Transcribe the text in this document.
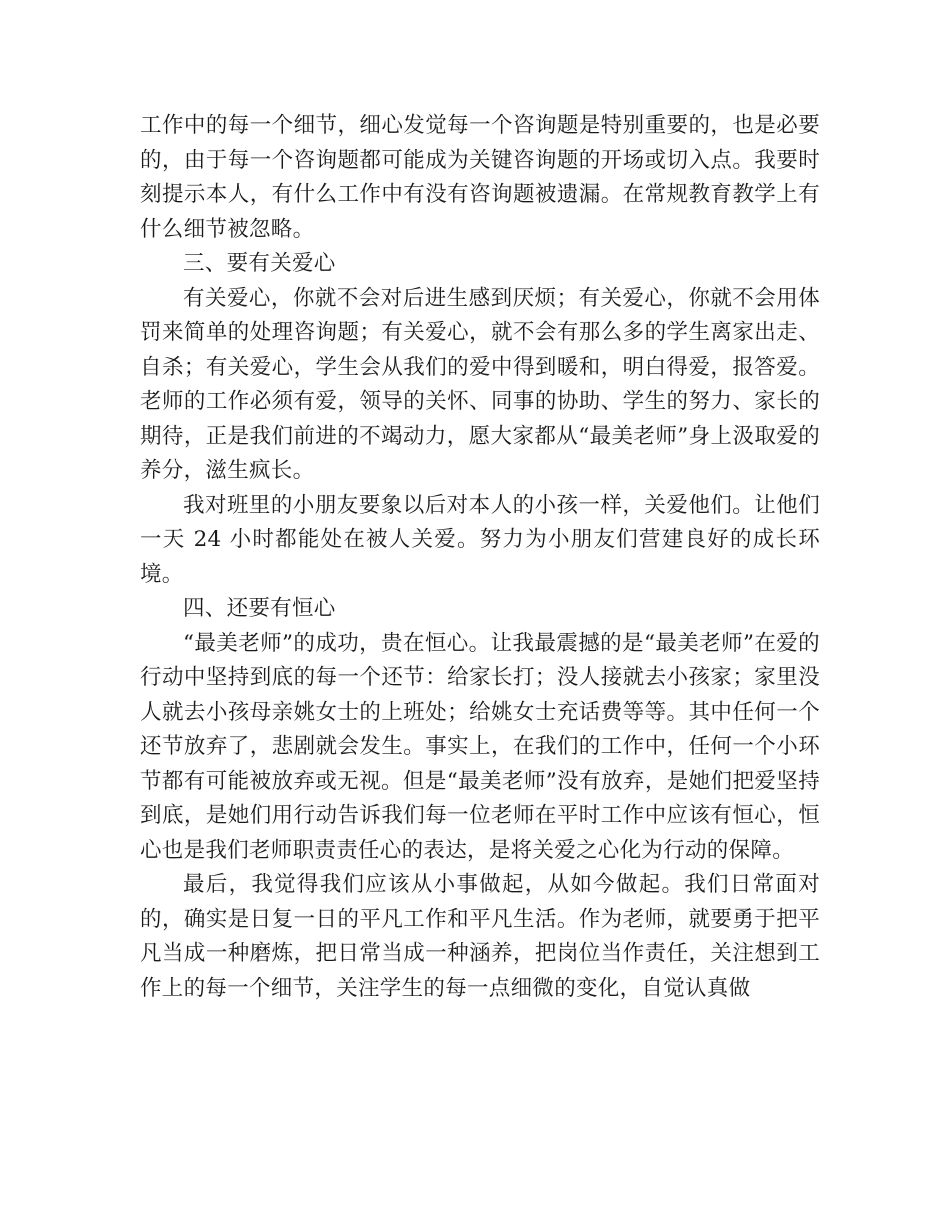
工作中的每一个细节，细心发觉每一个咨询题是特别重要的，也是必要的，由于每一个咨询题都可能成为关键咨询题的开场或切入点。我要时刻提示本人，有什么工作中有没有咨询题被遗漏。在常规教育教学上有什么细节被忽略。

三、要有关爱心

有关爱心，你就不会对后进生感到厌烦；有关爱心，你就不会用体罚来简单的处理咨询题；有关爱心，就不会有那么多的学生离家出走、自杀；有关爱心，学生会从我们的爱中得到暖和，明白得爱，报答爱。老师的工作必须有爱，领导的关怀、同事的协助、学生的努力、家长的期待，正是我们前进的不竭动力，愿大家都从“最美老师”身上汲取爱的养分，滋生疯长。

我对班里的小朋友要象以后对本人的小孩一样，关爱他们。让他们一天 24 小时都能处在被人关爱。努力为小朋友们营建良好的成长环境。

四、还要有恒心

“最美老师”的成功，贵在恒心。让我最震撼的是“最美老师”在爱的行动中坚持到底的每一个还节：给家长打；没人接就去小孩家；家里没人就去小孩母亲姚女士的上班处；给姚女士充话费等等。其中任何一个还节放弃了，悲剧就会发生。事实上，在我们的工作中，任何一个小环节都有可能被放弃或无视。但是“最美老师”没有放弃，是她们把爱坚持到底，是她们用行动告诉我们每一位老师在平时工作中应该有恒心，恒心也是我们老师职责责任心的表达，是将关爱之心化为行动的保障。

最后，我觉得我们应该从小事做起，从如今做起。我们日常面对的，确实是日复一日的平凡工作和平凡生活。作为老师，就要勇于把平凡当成一种磨炼，把日常当成一种涵养，把岗位当作责任，关注想到工作上的每一个细节，关注学生的每一点细微的变化，自觉认真做
